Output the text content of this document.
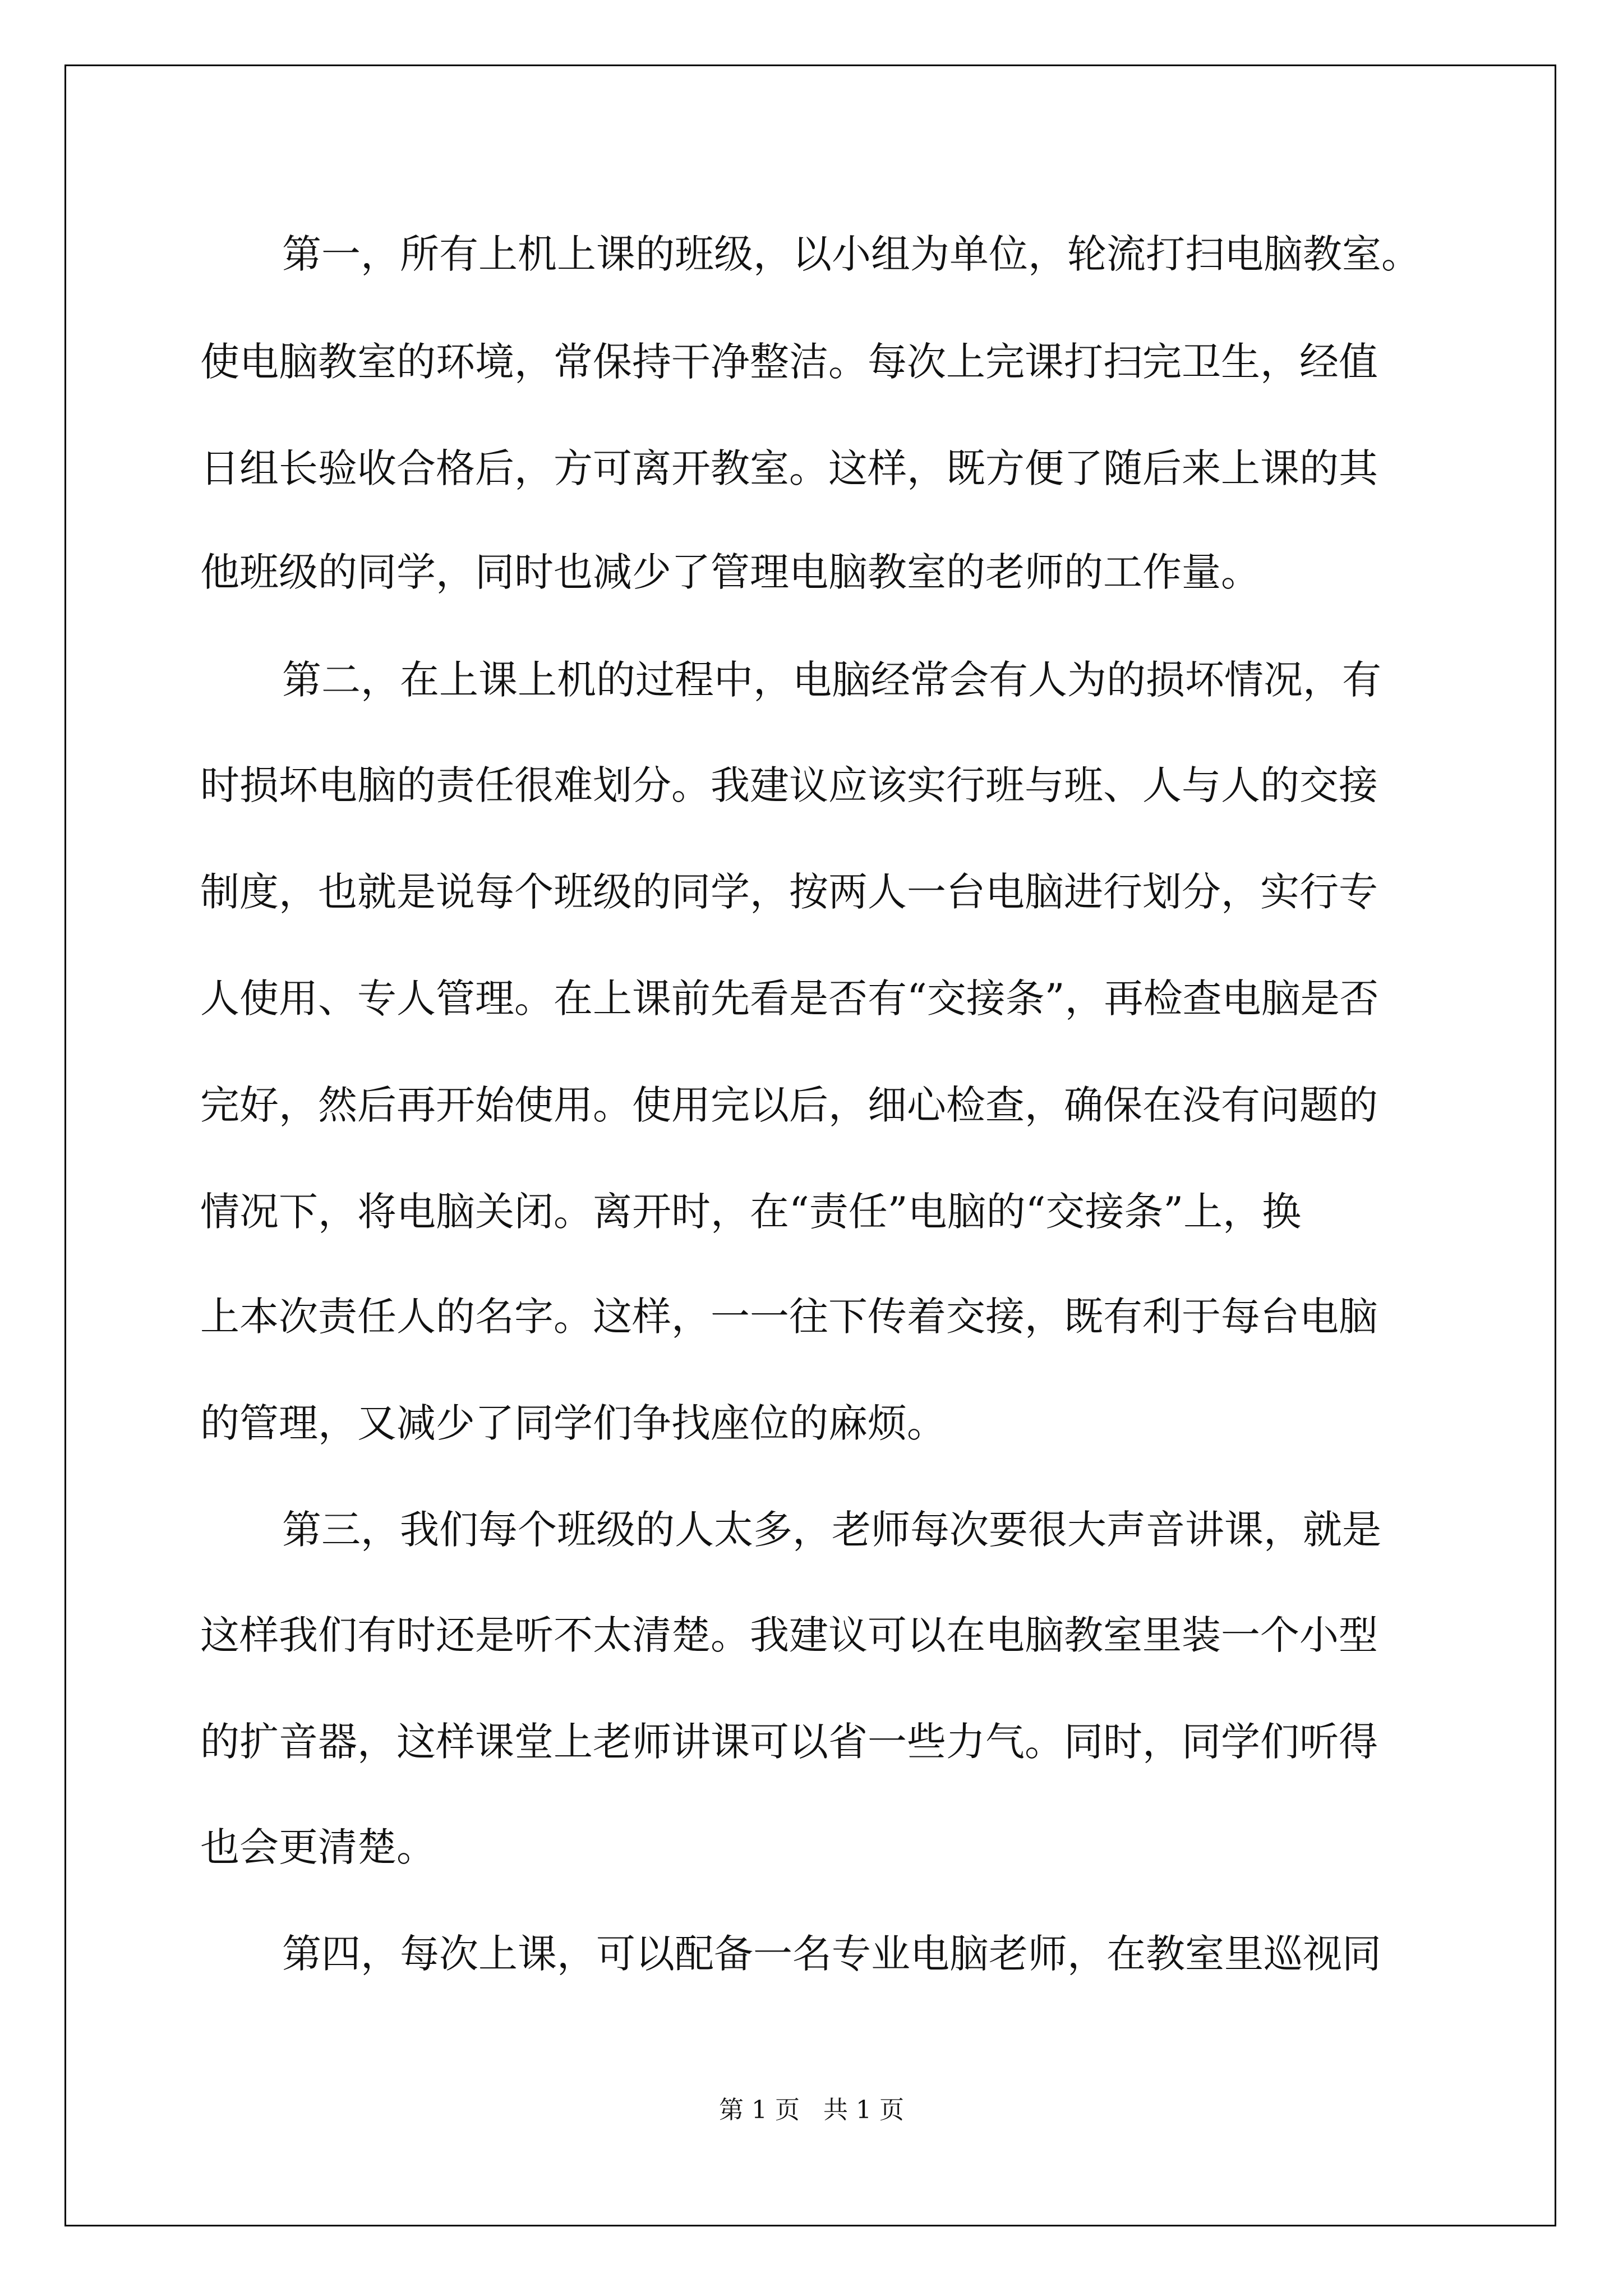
第一，所有上机上课的班级，以小组为单位，轮流打扫电脑教室。
使电脑教室的环境，常保持干净整洁。每次上完课打扫完卫生，经值
日组长验收合格后，方可离开教室。这样，既方便了随后来上课的其
他班级的同学，同时也减少了管理电脑教室的老师的工作量。
第二，在上课上机的过程中，电脑经常会有人为的损坏情况，有
时损坏电脑的责任很难划分。我建议应该实行班与班、人与人的交接
制度，也就是说每个班级的同学，按两人一台电脑进行划分，实行专
人使用、专人管理。在上课前先看是否有“交接条”，再检查电脑是否
完好，然后再开始使用。使用完以后，细心检查，确保在没有问题的
情况下，将电脑关闭。离开时，在“责任”电脑的“交接条”上，换
上本次责任人的名字。这样，一一往下传着交接，既有利于每台电脑
的管理，又减少了同学们争找座位的麻烦。
第三，我们每个班级的人太多，老师每次要很大声音讲课，就是
这样我们有时还是听不太清楚。我建议可以在电脑教室里装一个小型
的扩音器，这样课堂上老师讲课可以省一些力气。同时，同学们听得
也会更清楚。
第四，每次上课，可以配备一名专业电脑老师，在教室里巡视同
第 1 页   共 1 页
